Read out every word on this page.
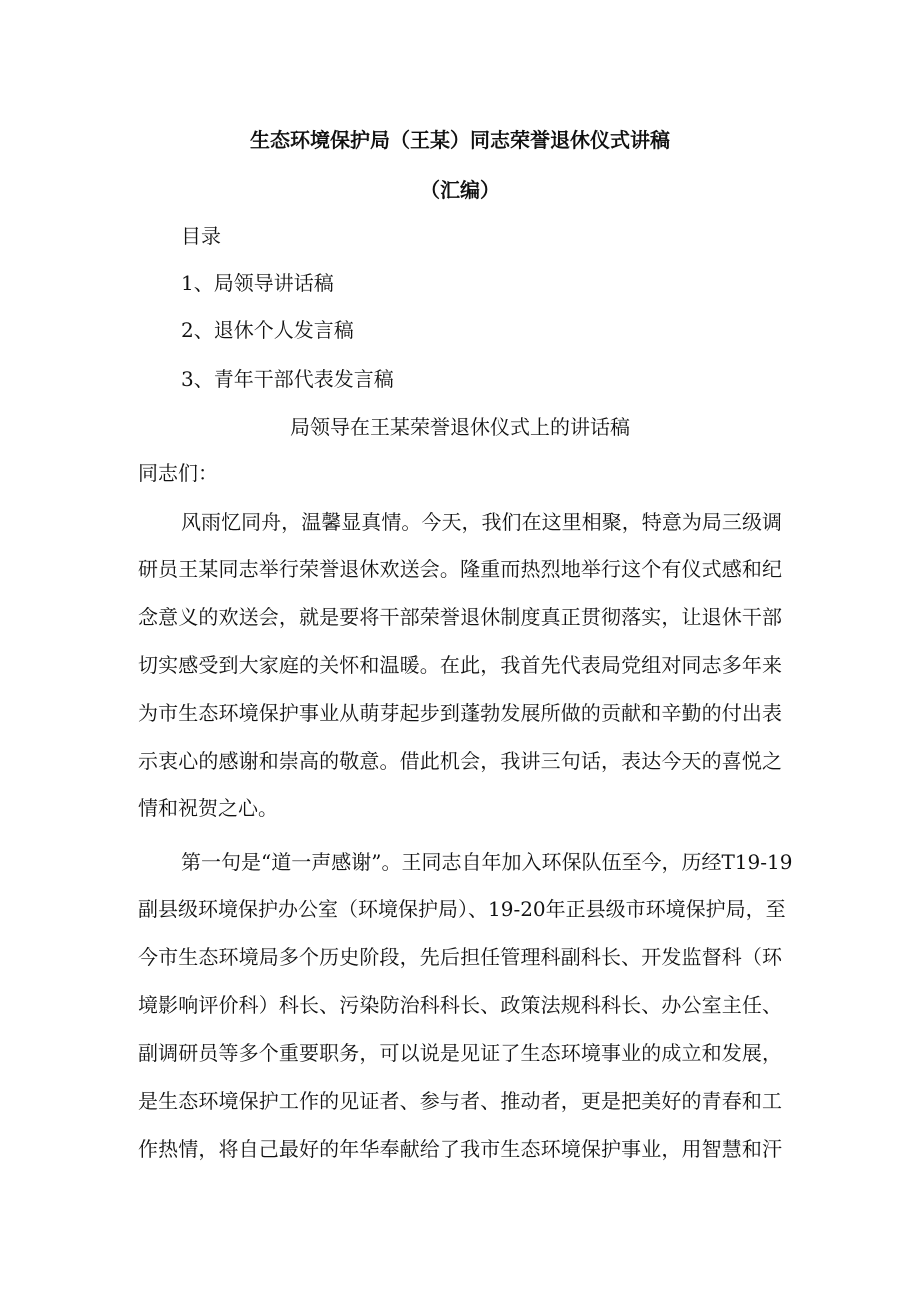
生态环境保护局（王某）同志荣誉退休仪式讲稿
（汇编）
目录
1、局领导讲话稿
2、退休个人发言稿
3、青年干部代表发言稿
局领导在王某荣誉退休仪式上的讲话稿
同志们：
风雨忆同舟，温馨显真情。今天，我们在这里相聚，特意为局三级调
研员王某同志举行荣誉退休欢送会。隆重而热烈地举行这个有仪式感和纪
念意义的欢送会，就是要将干部荣誉退休制度真正贯彻落实，让退休干部
切实感受到大家庭的关怀和温暖。在此，我首先代表局党组对同志多年来
为市生态环境保护事业从萌芽起步到蓬勃发展所做的贡献和辛勤的付出表
示衷心的感谢和崇高的敬意。借此机会，我讲三句话，表达今天的喜悦之
情和祝贺之心。
第一句是“道一声感谢”。王同志自年加入环保队伍至今，历经T19-19
副县级环境保护办公室（环境保护局）、19-20年正县级市环境保护局，至
今市生态环境局多个历史阶段，先后担任管理科副科长、开发监督科（环
境影响评价科）科长、污染防治科科长、政策法规科科长、办公室主任、
副调研员等多个重要职务，可以说是见证了生态环境事业的成立和发展，
是生态环境保护工作的见证者、参与者、推动者，更是把美好的青春和工
作热情，将自己最好的年华奉献给了我市生态环境保护事业，用智慧和汗
